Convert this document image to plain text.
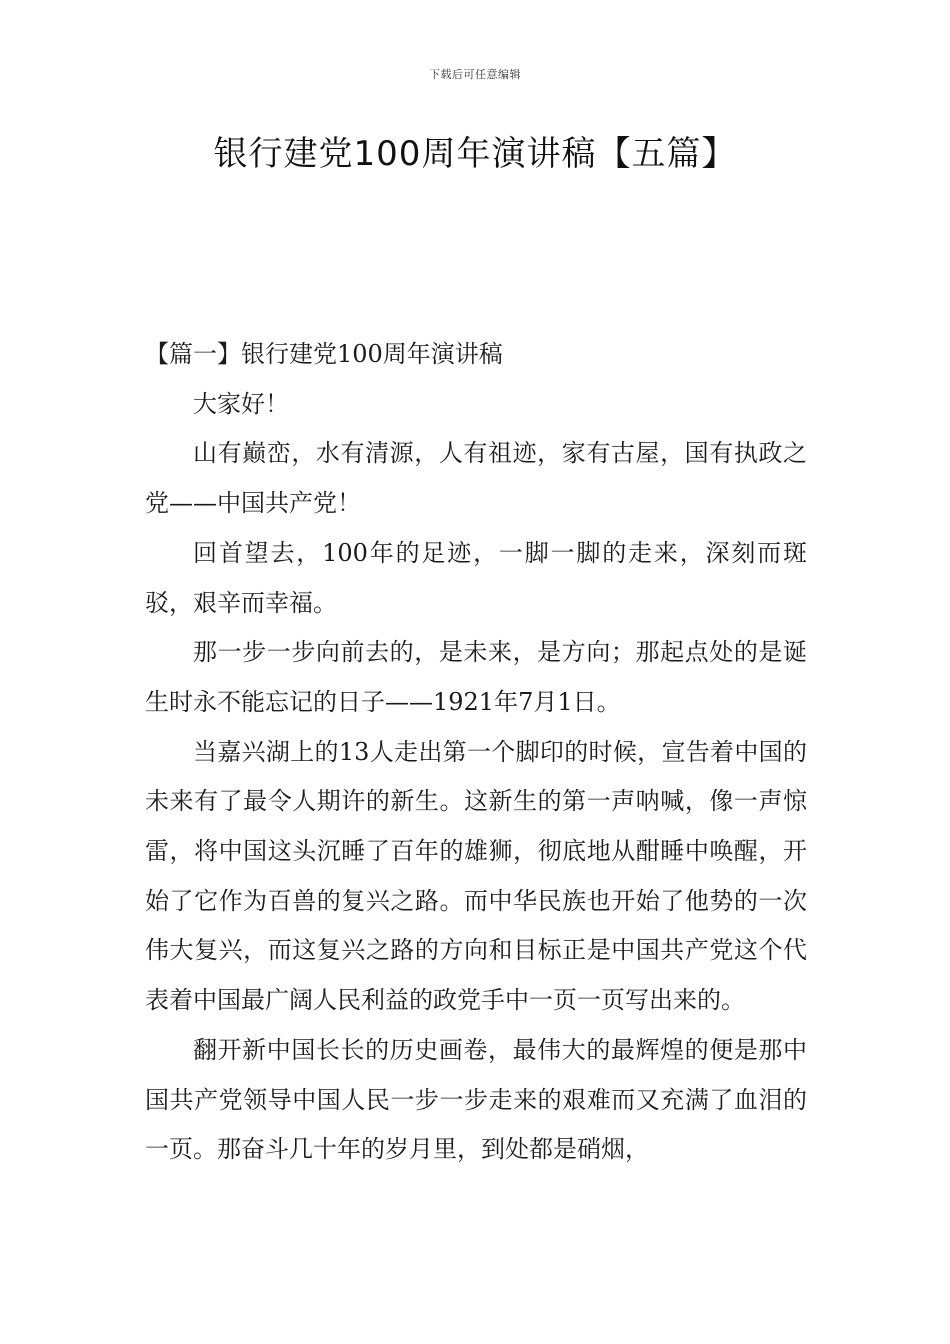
下载后可任意编辑
银行建党100周年演讲稿【五篇】

【篇一】银行建党100周年演讲稿

大家好！

山有巅峦，水有清源，人有祖迹，家有古屋，国有执政之党——中国共产党！

回首望去，100年的足迹，一脚一脚的走来，深刻而斑驳，艰辛而幸福。

那一步一步向前去的，是未来，是方向；那起点处的是诞生时永不能忘记的日子——1921年7月1日。

当嘉兴湖上的13人走出第一个脚印的时候，宣告着中国的未来有了最令人期许的新生。这新生的第一声呐喊，像一声惊雷，将中国这头沉睡了百年的雄狮，彻底地从酣睡中唤醒，开始了它作为百兽的复兴之路。而中华民族也开始了他势的一次伟大复兴，而这复兴之路的方向和目标正是中国共产党这个代表着中国最广阔人民利益的政党手中一页一页写出来的。

翻开新中国长长的历史画卷，最伟大的最辉煌的便是那中国共产党领导中国人民一步一步走来的艰难而又充满了血泪的一页。那奋斗几十年的岁月里，到处都是硝烟，
